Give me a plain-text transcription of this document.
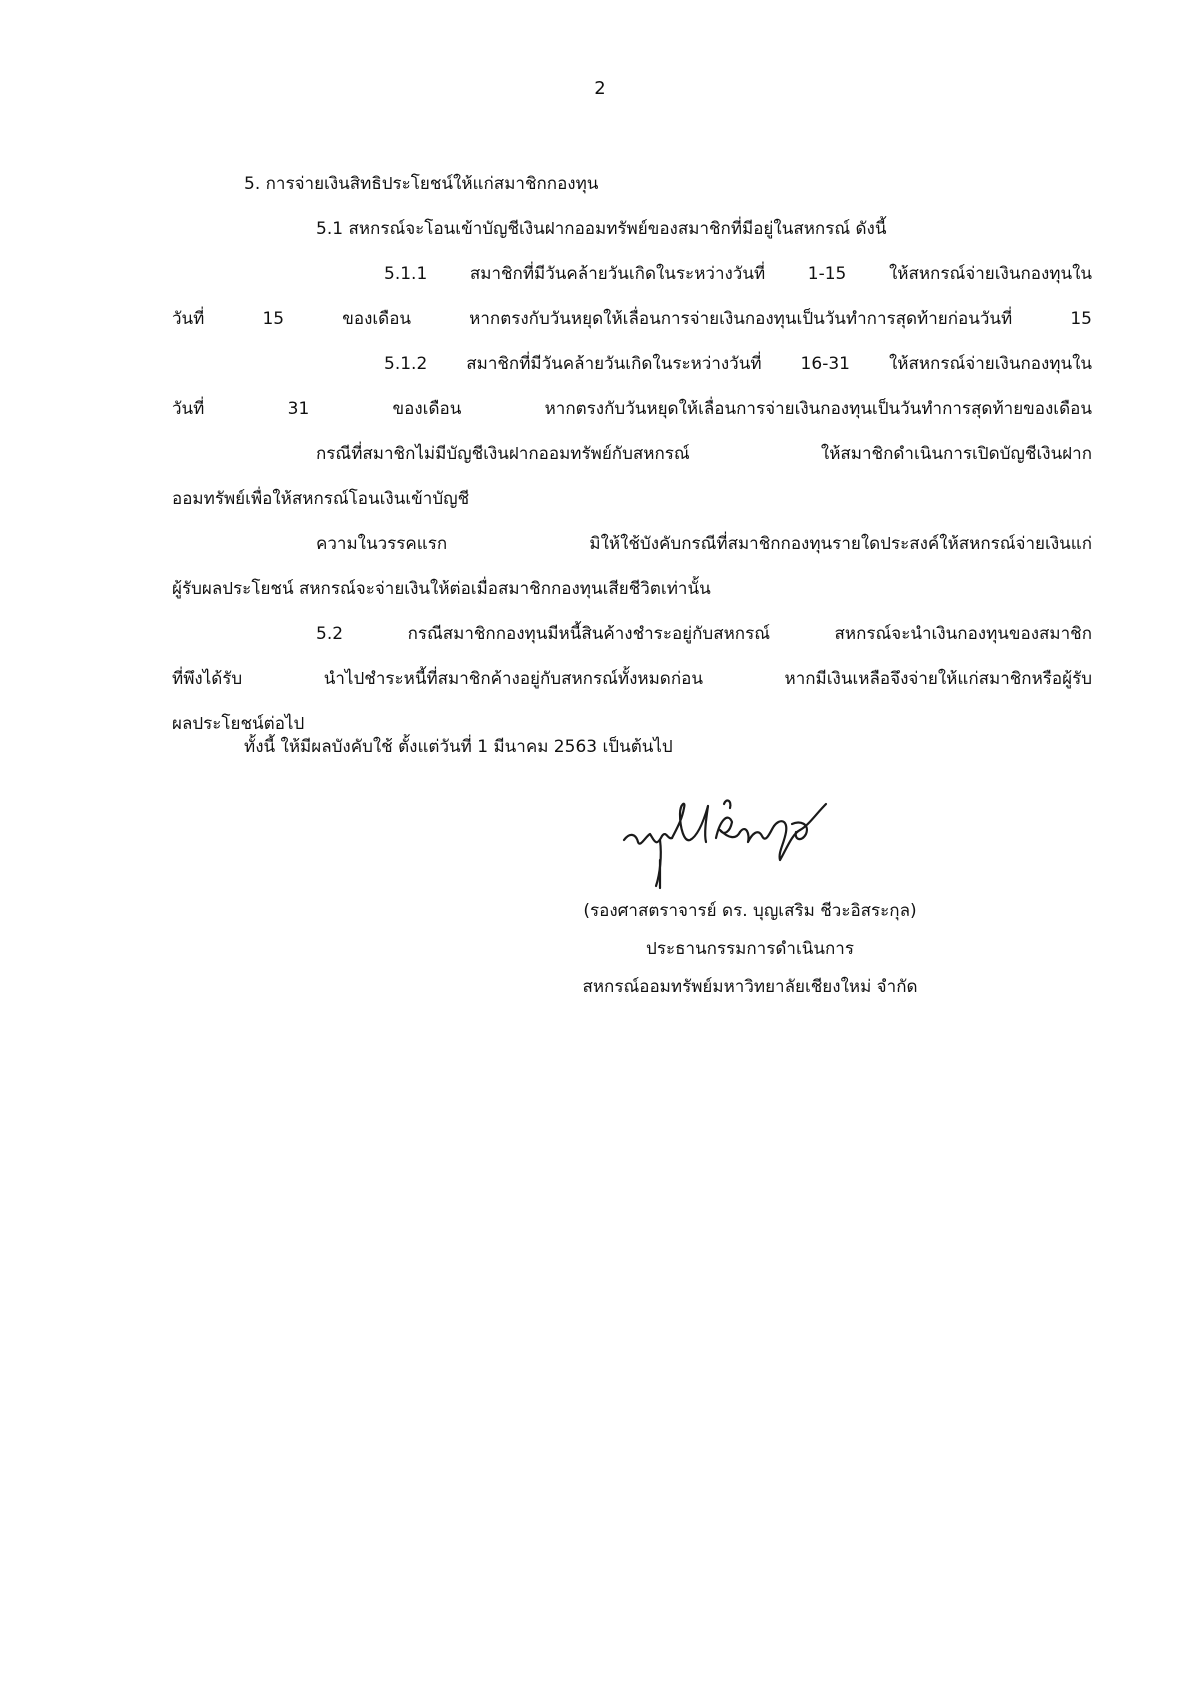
2
5. การจ่ายเงินสิทธิประโยชน์ให้แก่สมาชิกกองทุน
5.1 สหกรณ์จะโอนเข้าบัญชีเงินฝากออมทรัพย์ของสมาชิกที่มีอยู่ในสหกรณ์ ดังนี้
5.1.1 สมาชิกที่มีวันคล้ายวันเกิดในระหว่างวันที่ 1-15 ให้สหกรณ์จ่ายเงินกองทุนใน
วันที่ 15 ของเดือน หากตรงกับวันหยุดให้เลื่อนการจ่ายเงินกองทุนเป็นวันทำการสุดท้ายก่อนวันที่ 15
5.1.2 สมาชิกที่มีวันคล้ายวันเกิดในระหว่างวันที่ 16-31 ให้สหกรณ์จ่ายเงินกองทุนใน
วันที่ 31 ของเดือน หากตรงกับวันหยุดให้เลื่อนการจ่ายเงินกองทุนเป็นวันทำการสุดท้ายของเดือน
กรณีที่สมาชิกไม่มีบัญชีเงินฝากออมทรัพย์กับสหกรณ์ ให้สมาชิกดำเนินการเปิดบัญชีเงินฝาก
ออมทรัพย์เพื่อให้สหกรณ์โอนเงินเข้าบัญชี
ความในวรรคแรก มิให้ใช้บังคับกรณีที่สมาชิกกองทุนรายใดประสงค์ให้สหกรณ์จ่ายเงินแก่
ผู้รับผลประโยชน์ สหกรณ์จะจ่ายเงินให้ต่อเมื่อสมาชิกกองทุนเสียชีวิตเท่านั้น
5.2 กรณีสมาชิกกองทุนมีหนี้สินค้างชำระอยู่กับสหกรณ์ สหกรณ์จะนำเงินกองทุนของสมาชิก
ที่พึงได้รับ นำไปชำระหนี้ที่สมาชิกค้างอยู่กับสหกรณ์ทั้งหมดก่อน หากมีเงินเหลือจึงจ่ายให้แก่สมาชิกหรือผู้รับ
ผลประโยชน์ต่อไป
ทั้งนี้ ให้มีผลบังคับใช้ ตั้งแต่วันที่ 1 มีนาคม 2563 เป็นต้นไป
(รองศาสตราจารย์ ดร. บุญเสริม ชีวะอิสระกุล)
ประธานกรรมการดำเนินการ
สหกรณ์ออมทรัพย์มหาวิทยาลัยเชียงใหม่ จำกัด
